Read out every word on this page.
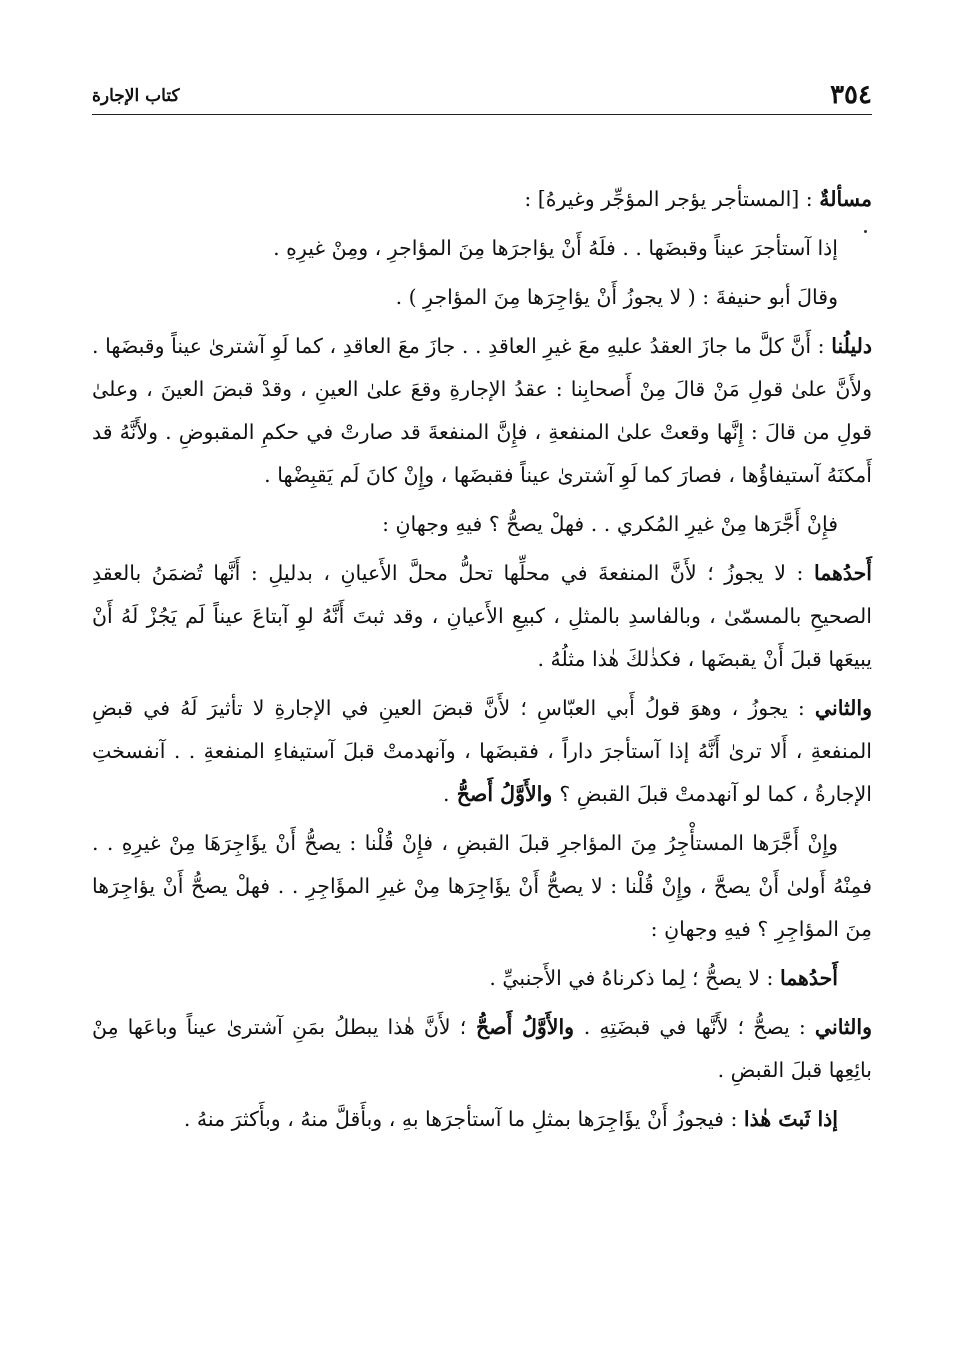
٣٥٤
كتاب الإجارة

مسألةٌ : [المستأجر يؤجر المؤجِّر وغيرهُ] :

إذا آستأجرَ عيناً وقبضَها . . فلَهُ أَنْ يؤاجرَها مِنَ المؤاجرِ ، ومِنْ غيرِهِ .

وقالَ أبو حنيفةَ : ( لا يجوزُ أَنْ يؤاجِرَها مِنَ المؤاجرِ ) .

دليلُنا : أَنَّ كلَّ ما جازَ العقدُ عليهِ معَ غيرِ العاقدِ . . جازَ معَ العاقدِ ، كما لَوِ آشترىٰ عيناً وقبضَها . ولأَنَّ علىٰ قولِ مَنْ قالَ مِنْ أَصحابِنا : عقدُ الإجارةِ وقعَ علىٰ العينِ ، وقدْ قبضَ العينَ ، وعلىٰ قولِ من قالَ : إِنَّها وقعتْ علىٰ المنفعةِ ، فإِنَّ المنفعةَ قد صارتْ في حكمِ المقبوضِ . ولأَنَّهُ قد أَمكنَهُ آستيفاؤُها ، فصارَ كما لَوِ آشترىٰ عيناً فقبضَها ، وإِنْ كانَ لَم يَقبِضْها .

فإِنْ أَجَّرَها مِنْ غيرِ المُكري . . فهلْ يصحُّ ؟ فيهِ وجهانِ :

أَحدُهما : لا يجوزُ ؛ لأَنَّ المنفعةَ في محلِّها تحلُّ محلَّ الأَعيانِ ، بدليلِ : أَنَّها تُضمَنُ بالعقدِ الصحيحِ بالمسمّىٰ ، وبالفاسدِ بالمثلِ ، كبيعِ الأَعيانِ ، وقد ثبتَ أَنَّهُ لوِ آبتاعَ عيناً لَم يَجُزْ لَهُ أَنْ يبيعَها قبلَ أَنْ يقبضَها ، فكذٰلكَ هٰذا مثلُهُ .

والثاني : يجوزُ ، وهوَ قولُ أَبي العبّاسِ ؛ لأَنَّ قبضَ العينِ في الإجارةِ لا تأثيرَ لَهُ في قبضِ المنفعةِ ، أَلا ترىٰ أَنَّهُ إذا آستأجرَ داراً ، فقبضَها ، وآنهدمتْ قبلَ آستيفاءِ المنفعةِ . . آنفسختِ الإجارةُ ، كما لو آنهدمتْ قبلَ القبضِ ؟ والأَوَّلُ أَصحُّ .

وإِنْ أَجَّرَها المستأْجِرُ مِنَ المؤاجرِ قبلَ القبضِ ، فإِنْ قُلْنا : يصحُّ أَنْ يؤَاجِرَهَا مِنْ غيرِهِ . . فمِنْهُ أَولىٰ أَنْ يصحَّ ، وإِنْ قُلْنا : لا يصحُّ أَنْ يؤَاجِرَها مِنْ غيرِ المؤَاجِرِ . . فهلْ يصحُّ أَنْ يؤاجِرَها مِنَ المؤاجِرِ ؟ فيهِ وجهانِ :

أَحدُهما : لا يصحُّ ؛ لِما ذكرناهُ في الأَجنبيِّ .

والثاني : يصحُّ ؛ لأَنَّها في قبضَتِهِ . والأَوَّلُ أَصحُّ ؛ لأَنَّ هٰذا يبطلُ بمَنِ آشترىٰ عيناً وباعَها مِنْ بائِعِها قبلَ القبضِ .

إذا ثَبتَ هٰذا : فيجوزُ أَنْ يؤَاجِرَها بمثلِ ما آستأجرَها بهِ ، وبأَقلَّ منهُ ، وبأَكثرَ منهُ .
